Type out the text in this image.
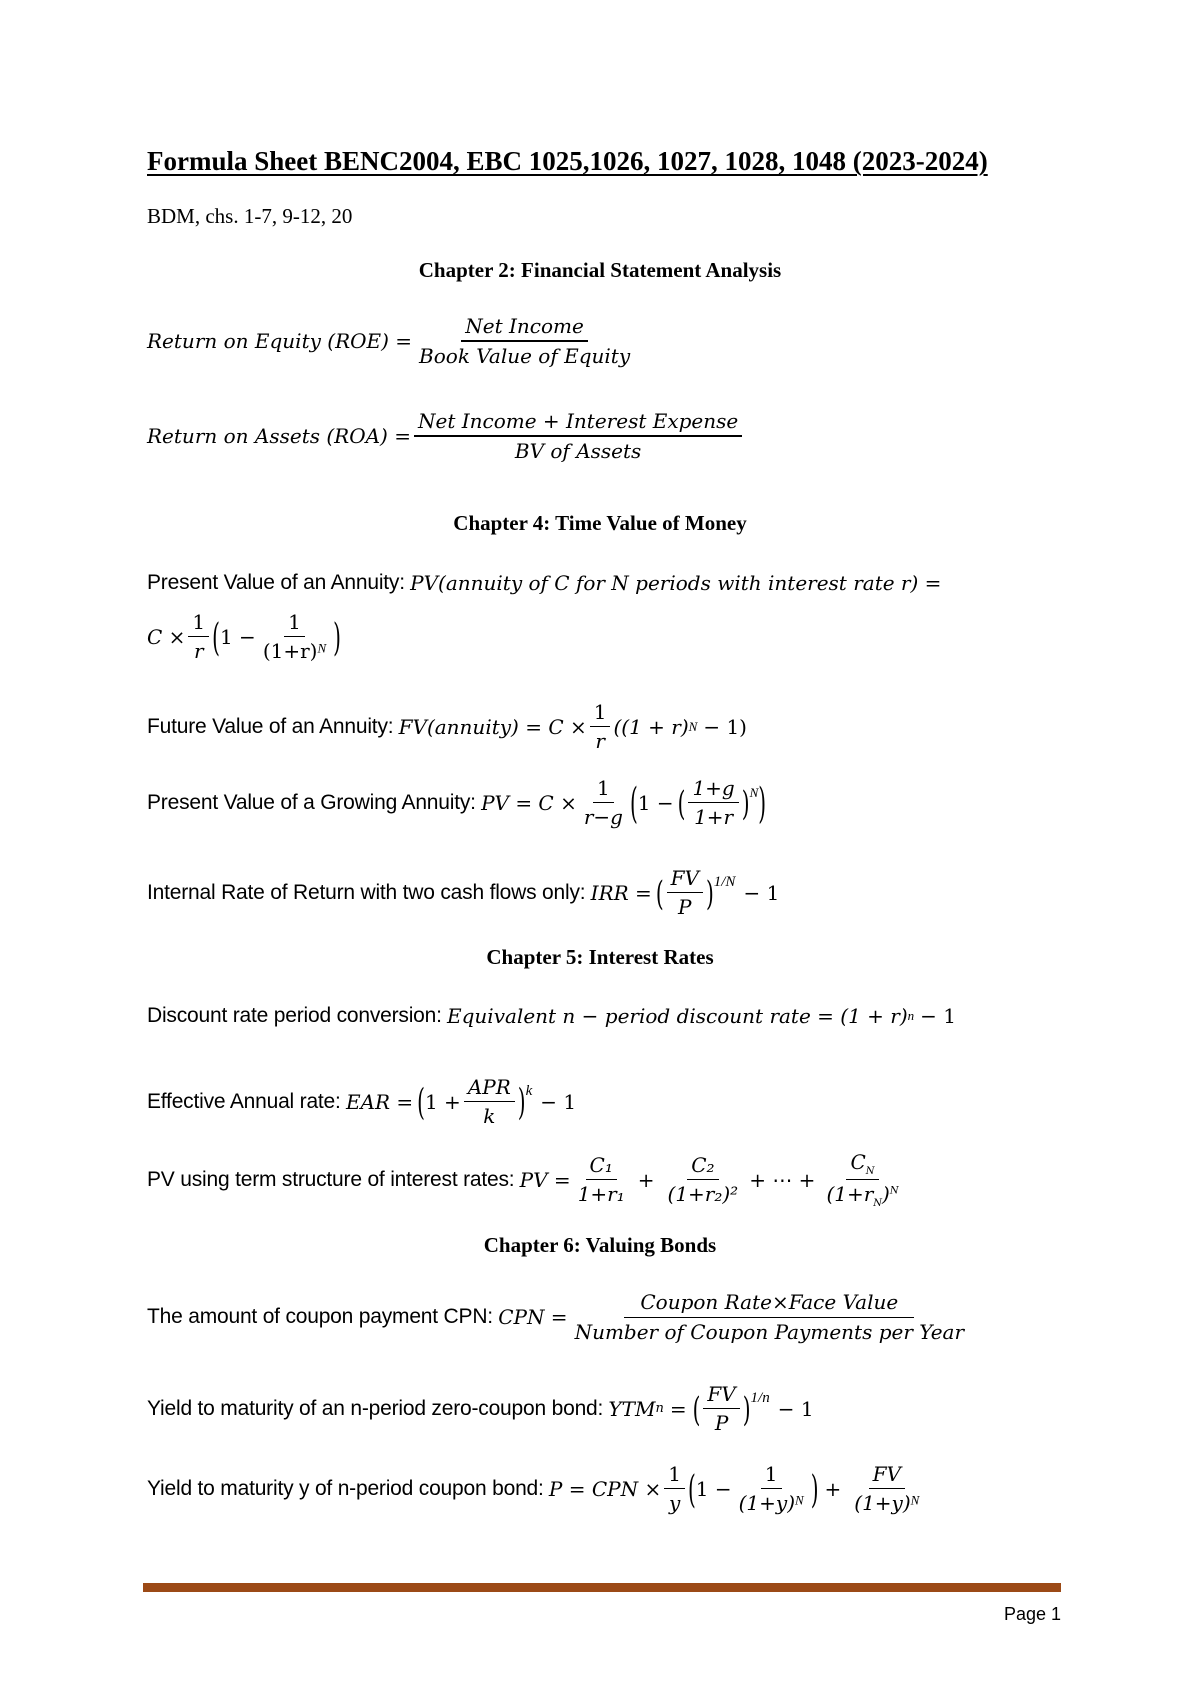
Formula Sheet BENC2004, EBC 1025,1026, 1027, 1028, 1048 (2023-2024)
BDM, chs. 1-7, 9-12, 20
Chapter 2: Financial Statement Analysis
Return on Equity $(ROE) = \frac{\text{Net Income}}{\text{Book Value of Equity}}$
Return on Assets $(ROA) = \frac{\text{Net Income + Interest Expense}}{\text{BV of Assets}}$
Chapter 4: Time Value of Money
Present Value of an Annuity:
PV(annuity of C for N periods with interest rate r) =
$C \times \frac{1}{r}$ ( $1 - \frac{1}{(1+r)^N}$ )
Future Value of an Annuity:
FV(annuity) = $C \times \frac{1}{r} ((1 + r) N - 1)$
Present Value of a Growing Annuity:
PV = $C \times \frac{1}{r-g}$ ( 1 − ( $\frac{1+g}{1+r} )^N$ )
Internal Rate of Return with two cash flows only:
IRR = ( $\frac{FV}{P} )^{1/N} - 1$
Chapter 5: Interest Rates
Discount rate period conversion:
Equivalent n − period discount rate = (1 + r) n − 1
Effective Annual rate:
EAR = ( $1 + \frac{\text{APR}}{k} )^k - 1$
PV using term structure of interest rates:
PV = $\frac{\text{C₁}}{\text{1+r₁}} + \frac{\text{C₂}}{\text{(1+r₂)²}}$ + ⋯ + $\frac{C_N}{(1+r_N)^N}$
Chapter 6: Valuing Bonds
The amount of coupon payment CPN:
CPN = $\frac{\text{Coupon Rate×Face Value}}{\text{Number of Coupon Payments per Year}}$
Yield to maturity of an n-period zero-coupon bond:
YTM n = ( $\frac{FV}{P} )^{1/n} - 1$
Yield to maturity y of n-period coupon bond:
P = CPN × $\frac{1}{y}$ ( $1 - \frac{1}{(1+y)^N}$ ) + $\frac{FV}{(1+y)^N}$
Page 1
